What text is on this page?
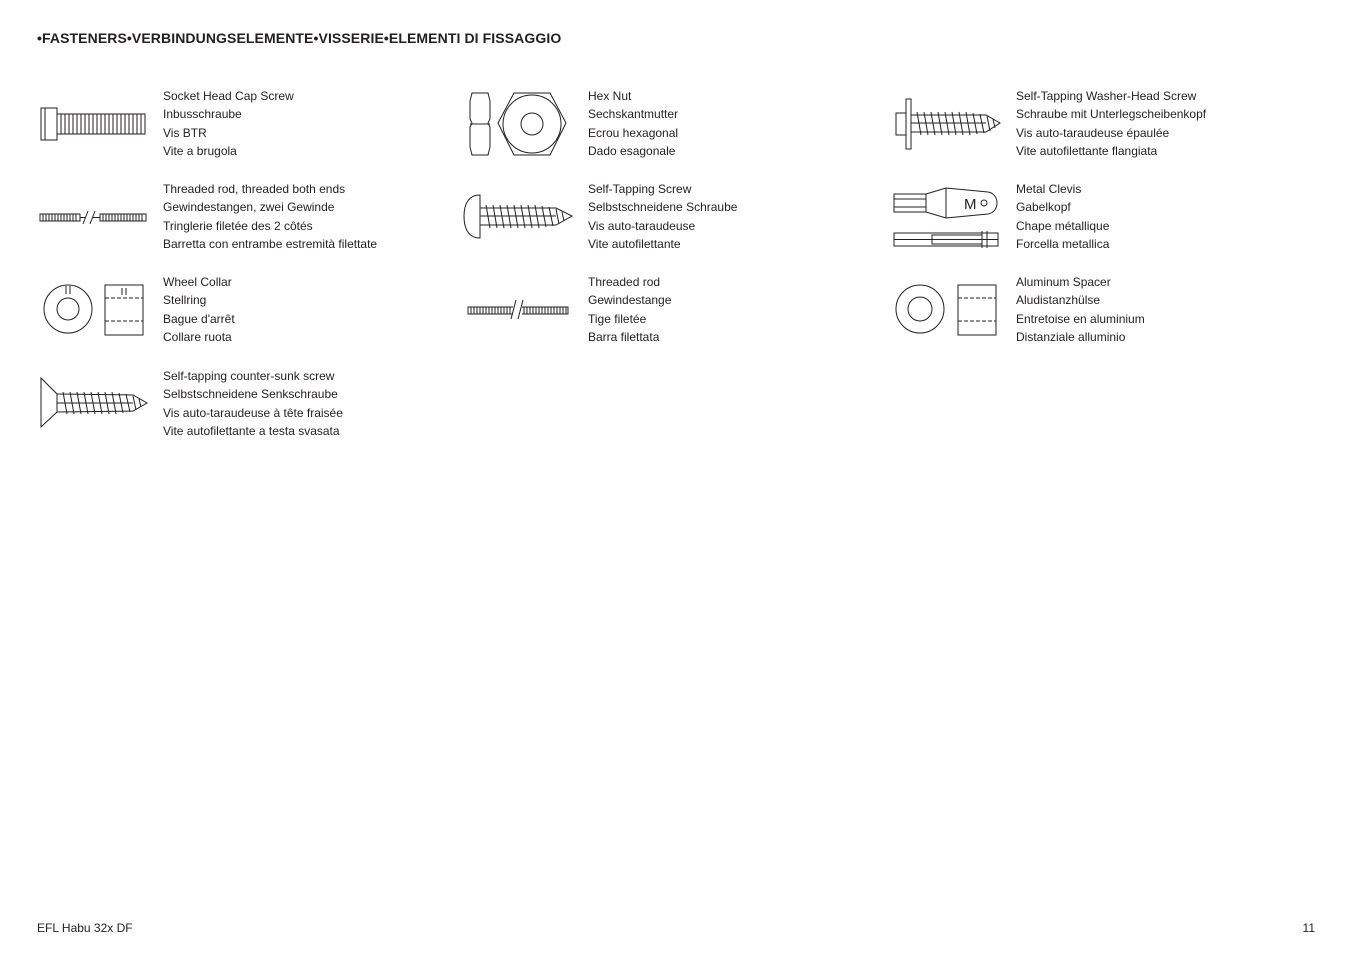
•FASTENERS•VERBINDUNGSELEMENTE•VISSERIE•ELEMENTI DI FISSAGGIO
Socket Head Cap Screw
Inbusschraube
Vis BTR
Vite a brugola
Threaded rod, threaded both ends
Gewindestangen, zwei Gewinde
Tringlerie filetée des 2 côtés
Barretta con entrambe estremità filettate
Wheel Collar
Stellring
Bague d'arrêt
Collare ruota
Self-tapping counter-sunk screw
Selbstschneidene Senkschraube
Vis auto-taraudeuse à tête fraisée
Vite autofilettante a testa svasata
Hex Nut
Sechskantmutter
Ecrou hexagonal
Dado esagonale
Self-Tapping Screw
Selbstschneidene Schraube
Vis auto-taraudeuse
Vite autofilettante
Threaded rod
Gewindestange
Tige filetée
Barra filettata
Self-Tapping Washer-Head Screw
Schraube mit Unterlegscheibenkopf
Vis auto-taraudeuse épaulée
Vite autofilettante flangiata
M
Metal Clevis
Gabelkopf
Chape métallique
Forcella metallica
Aluminum Spacer
Aludistanzhülse
Entretoise en aluminium
Distanziale alluminio
EFL Habu 32x DF	11
